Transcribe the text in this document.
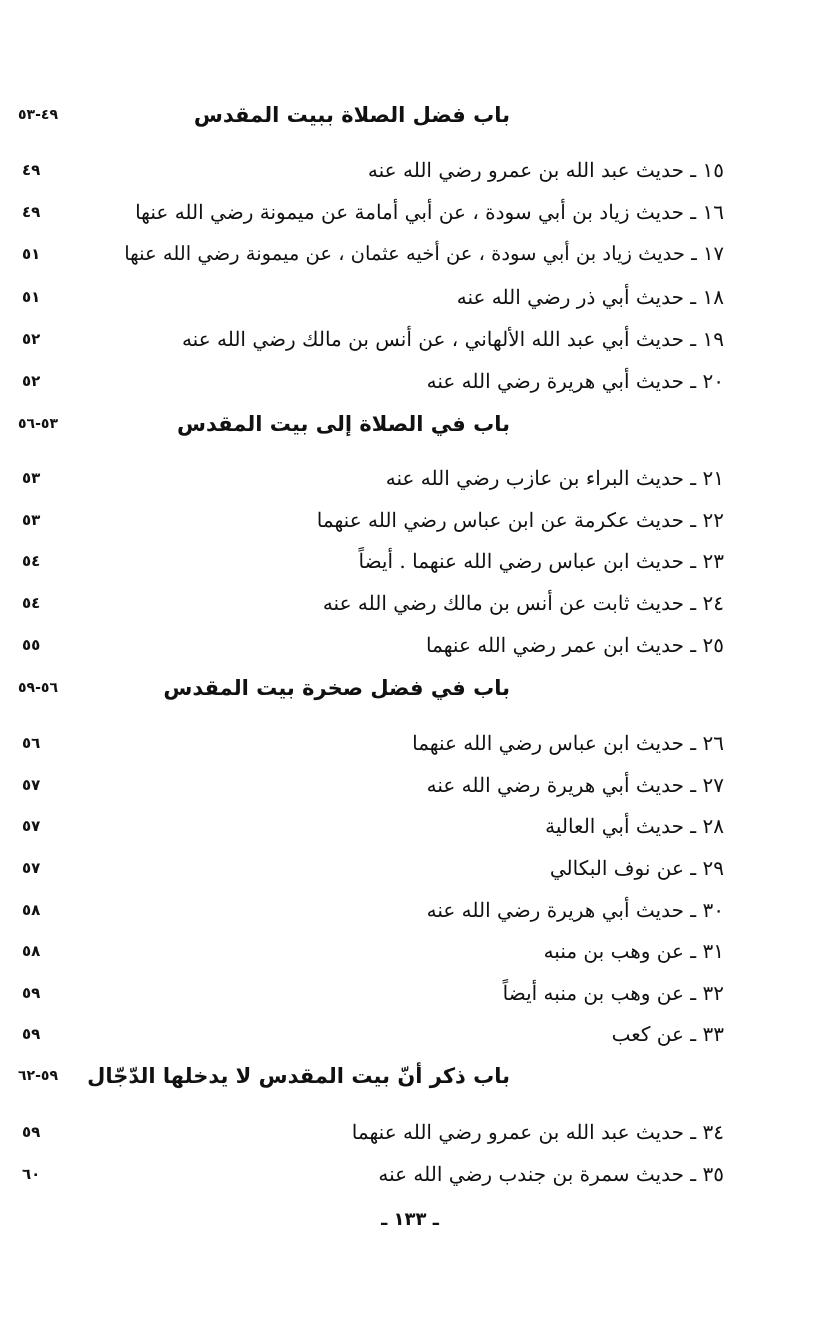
٤٩-٥٣	باب فضل الصلاة ببيت المقدس
٤٩	١٥ ـ حديث عبد الله بن عمرو رضي الله عنه
٤٩	١٦ ـ حديث زياد بن أبي سودة ، عن أبي أمامة عن ميمونة رضي الله عنها
٥١	١٧ ـ حديث زياد بن أبي سودة ، عن أخيه عثمان ، عن ميمونة رضي الله عنها
٥١	١٨ ـ حديث أبي ذر رضي الله عنه
٥٢	١٩ ـ حديث أبي عبد الله الألهاني ، عن أنس بن مالك رضي الله عنه
٥٢	٢٠ ـ حديث أبي هريرة رضي الله عنه
٥٣-٥٦	باب في الصلاة إلى بيت المقدس
٥٣	٢١ ـ حديث البراء بن عازب رضي الله عنه
٥٣	٢٢ ـ حديث عكرمة عن ابن عباس رضي الله عنهما
٥٤	٢٣ ـ حديث ابن عباس رضي الله عنهما . أيضاً
٥٤	٢٤ ـ حديث ثابت عن أنس بن مالك رضي الله عنه
٥٥	٢٥ ـ حديث ابن عمر رضي الله عنهما
٥٦-٥٩	باب في فضل صخرة بيت المقدس
٥٦	٢٦ ـ حديث ابن عباس رضي الله عنهما
٥٧	٢٧ ـ حديث أبي هريرة رضي الله عنه
٥٧	٢٨ ـ حديث أبي العالية
٥٧	٢٩ ـ عن نوف البكالي
٥٨	٣٠ ـ حديث أبي هريرة رضي الله عنه
٥٨	٣١ ـ عن وهب بن منبه
٥٩	٣٢ ـ عن وهب بن منبه أيضاً
٥٩	٣٣ ـ عن كعب
٥٩-٦٢	باب ذكر أنّ بيت المقدس لا يدخلها الدّجّال
٥٩	٣٤ ـ حديث عبد الله بن عمرو رضي الله عنهما
٦٠	٣٥ ـ حديث سمرة بن جندب رضي الله عنه
ـ ١٣٣ ـ
